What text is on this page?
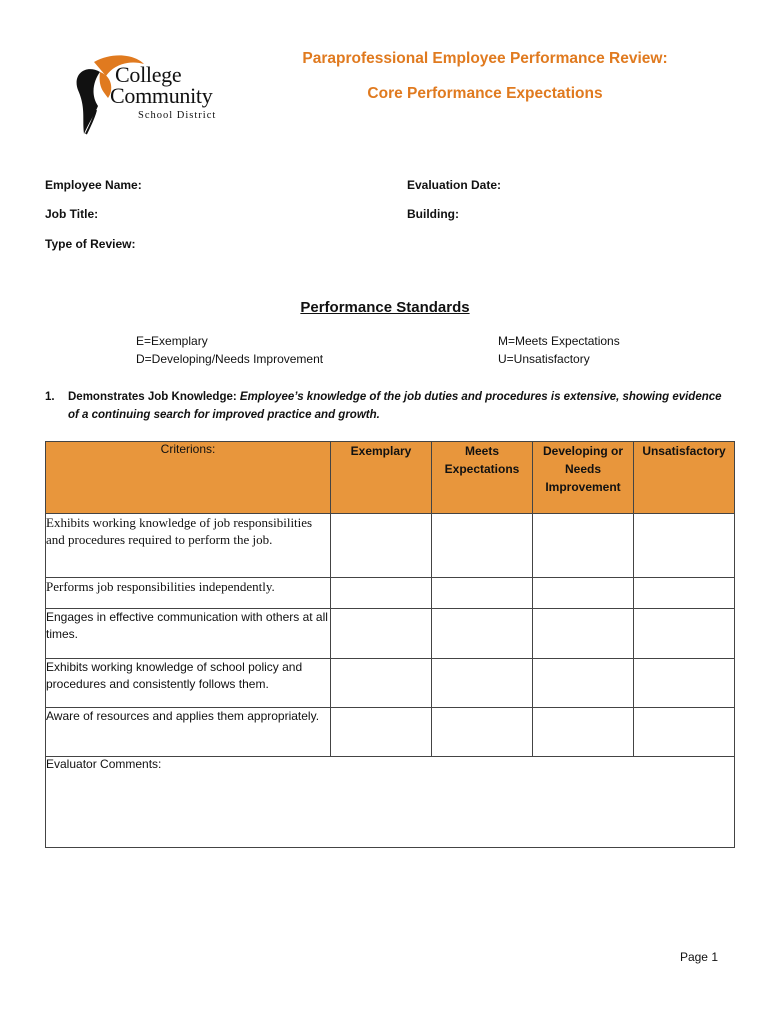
College
Community
School District
Paraprofessional Employee Performance Review:
Core Performance Expectations
Employee Name:	Evaluation Date:
Job Title:	Building:
Type of Review:
Performance Standards
E=Exemplary
D=Developing/Needs Improvement
M=Meets Expectations
U=Unsatisfactory
1. Demonstrates Job Knowledge: Employee’s knowledge of the job duties and procedures is extensive, showing evidence of a continuing search for improved practice and growth.
Criterions:	Exemplary	Meets Expectations	Developing or Needs Improvement	Unsatisfactory
Exhibits working knowledge of job responsibilities and procedures required to perform the job.				
Performs job responsibilities independently.				
Engages in effective communication with others at all times.				
Exhibits working knowledge of school policy and procedures and consistently follows them.				
Aware of resources and applies them appropriately.				
Evaluator Comments:				
Page 1
